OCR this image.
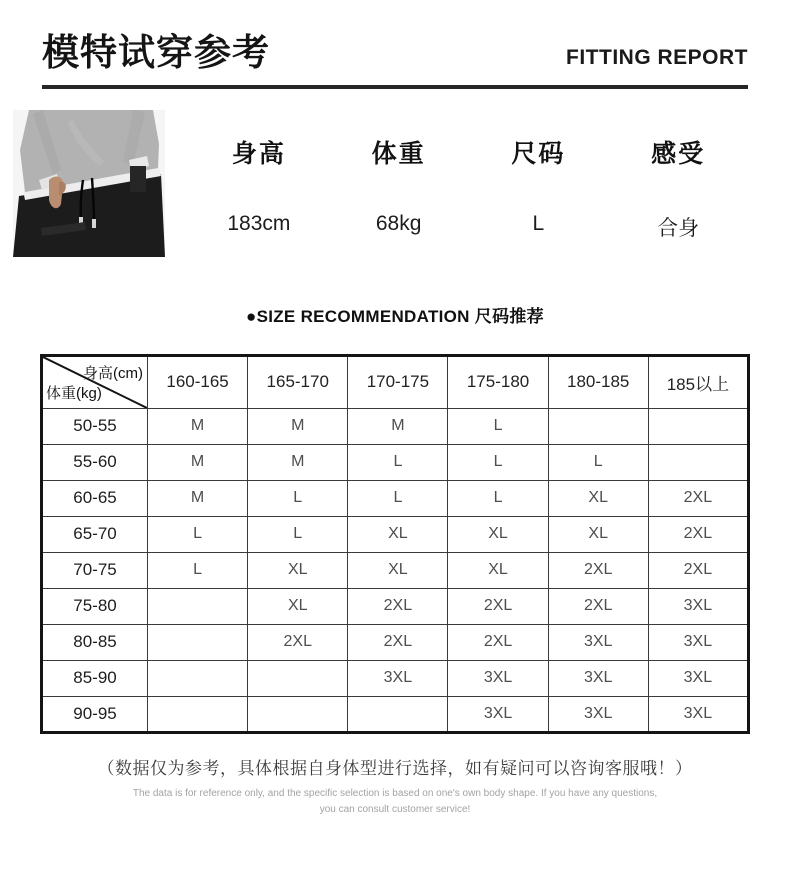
模特试穿参考	FITTING REPORT
身高
183cm
体重
68kg
尺码
L
感受
合身
●SIZE RECOMMENDATION 尺码推荐
身高(cm)
体重(kg)	160-165	165-170	170-175	175-180	180-185	185以上
50-55	M	M	M	L		
55-60	M	M	L	L	L	
60-65	M	L	L	L	XL	2XL
65-70	L	L	XL	XL	XL	2XL
70-75	L	XL	XL	XL	2XL	2XL
75-80		XL	2XL	2XL	2XL	3XL
80-85		2XL	2XL	2XL	3XL	3XL
85-90			3XL	3XL	3XL	3XL
90-95				3XL	3XL	3XL
（数据仅为参考，具体根据自身体型进行选择，如有疑问可以咨询客服哦！）
The data is for reference only, and the specific selection is based on one's own body shape. If you have any questions,
you can consult customer service!
